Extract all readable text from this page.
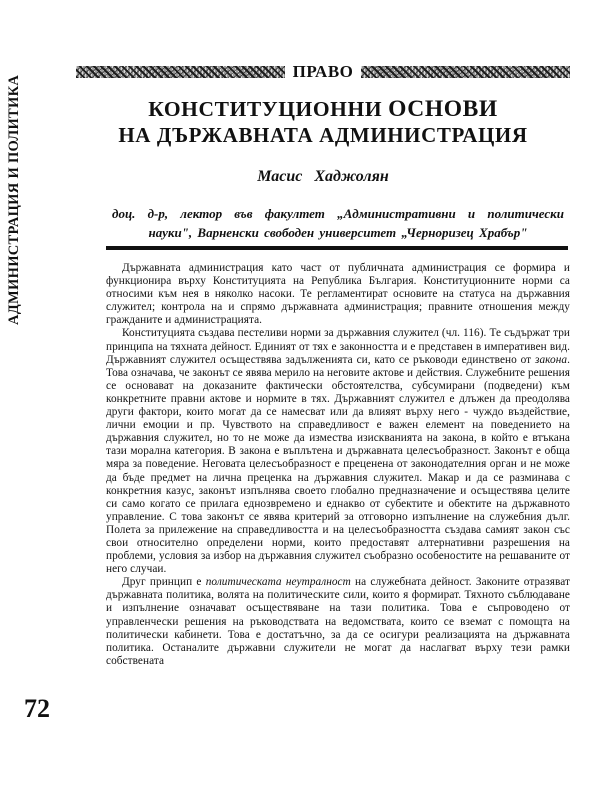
АДМИНИСТРАЦИЯ И ПОЛИТИКА
72
ПРАВО
КОНСТИТУЦИОННИ ОСНОВИ
НА ДЪРЖАВНАТА АДМИНИСТРАЦИЯ
Масис Хаджолян
доц. д-р, лектор във факултет „Административни и политически науки", Варненски свободен университет „Черноризец Храбър"

Държавната администрация като част от публичната администрация се формира и функционира върху Конституцията на Република България. Конституционните норми са относими към нея в няколко насоки. Те регламентират основите на статуса на държавния служител; контрола на и спрямо държавната администрация; правните отношения между гражданите и администрацията.

Конституцията създава пестеливи норми за държавния служител (чл. 116). Те съдържат три принципа на тяхната дейност. Единият от тях е законността и е представен в императивен вид. Държавният служител осъществява задълженията си, като се ръководи единствено от закона. Това означава, че законът се явява мерило на неговите актове и действия. Служебните решения се основават на доказаните фактически обстоятелства, субсумирани (подведени) към конкретните правни актове и нормите в тях. Държавният служител е длъжен да преодолява други фактори, които могат да се намесват или да влияят върху него - чуждо въздействие, лични емоции и пр. Чувството на справедливост е важен елемент на поведението на държавния служител, но то не може да измества изискванията на закона, в който е втъкана тази морална категория. В закона е въплътена и държавната целесъобразност. Законът е обща мяра за поведение. Неговата целесъобразност е преценена от законодателния орган и не може да бъде предмет на лична преценка на държавния служител. Макар и да се разминава с конкретния казус, законът изпълнява своето глобално предназначение и осъществява целите си само когато се прилага еднозвремено и еднакво от субектите и обектите на държавното управление. С това законът се явява критерий за отговорно изпълнение на служебния дълг. Полета за прилежение на справедливостта и на целесъобразността създава самият закон със свои относително определени норми, които предоставят алтернативни разрешения на проблеми, условия за избор на държавния служител съобразно особеностите на решаваните от него случаи.

Друг принцип е политическата неутралност на служебната дейност. Законите отразяват държавната политика, волята на политическите сили, които я формират. Тяхното съблюдаване и изпълнение означават осъществяване на тази политика. Това е съпроводено от управленчески решения на ръководствата на ведомствата, които се вземат с помощта на политически кабинети. Това е достатъчно, за да се осигури реализацията на държавната политика. Останалите държавни служители не могат да наслагват върху тези рамки собствената
